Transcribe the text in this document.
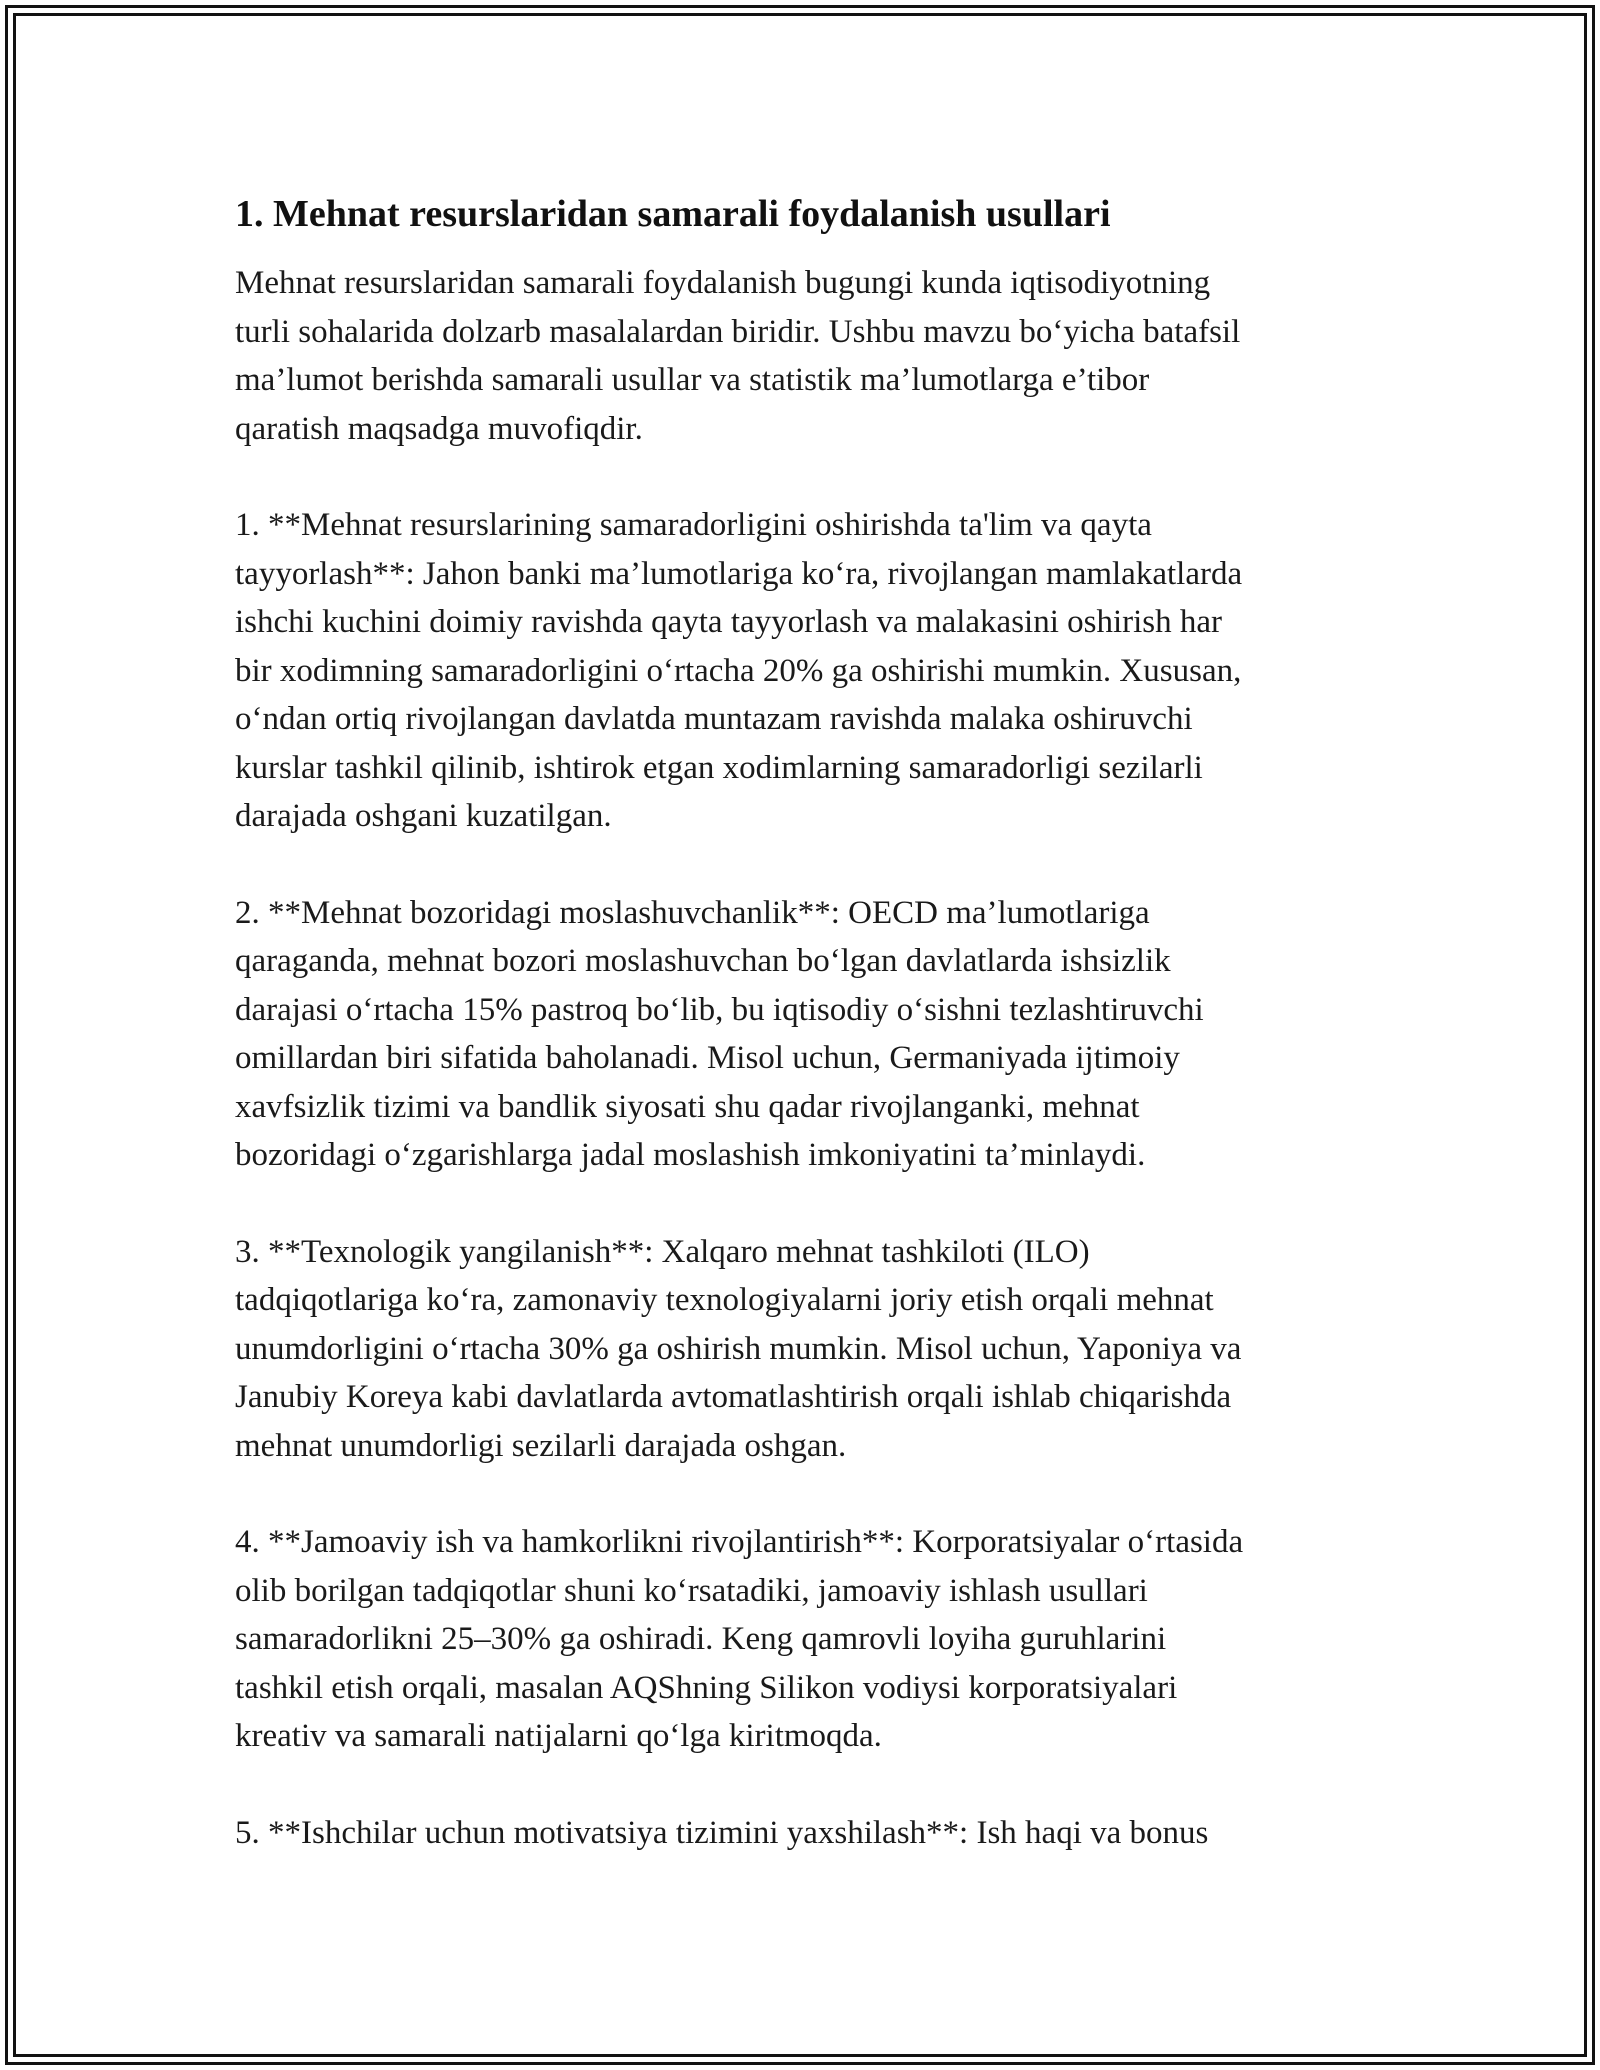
1. Mehnat resurslaridan samarali foydalanish usullari

Mehnat resurslaridan samarali foydalanish bugungi kunda iqtisodiyotning
turli sohalarida dolzarb masalalardan biridir. Ushbu mavzu bo‘yicha batafsil
ma’lumot berishda samarali usullar va statistik ma’lumotlarga e’tibor
qaratish maqsadga muvofiqdir.

1. **Mehnat resurslarining samaradorligini oshirishda ta'lim va qayta
tayyorlash**: Jahon banki ma’lumotlariga ko‘ra, rivojlangan mamlakatlarda
ishchi kuchini doimiy ravishda qayta tayyorlash va malakasini oshirish har
bir xodimning samaradorligini o‘rtacha 20% ga oshirishi mumkin. Xususan,
o‘ndan ortiq rivojlangan davlatda muntazam ravishda malaka oshiruvchi
kurslar tashkil qilinib, ishtirok etgan xodimlarning samaradorligi sezilarli
darajada oshgani kuzatilgan.

2. **Mehnat bozoridagi moslashuvchanlik**: OECD ma’lumotlariga
qaraganda, mehnat bozori moslashuvchan bo‘lgan davlatlarda ishsizlik
darajasi o‘rtacha 15% pastroq bo‘lib, bu iqtisodiy o‘sishni tezlashtiruvchi
omillardan biri sifatida baholanadi. Misol uchun, Germaniyada ijtimoiy
xavfsizlik tizimi va bandlik siyosati shu qadar rivojlanganki, mehnat
bozoridagi o‘zgarishlarga jadal moslashish imkoniyatini ta’minlaydi.

3. **Texnologik yangilanish**: Xalqaro mehnat tashkiloti (ILO)
tadqiqotlariga ko‘ra, zamonaviy texnologiyalarni joriy etish orqali mehnat
unumdorligini o‘rtacha 30% ga oshirish mumkin. Misol uchun, Yaponiya va
Janubiy Koreya kabi davlatlarda avtomatlashtirish orqali ishlab chiqarishda
mehnat unumdorligi sezilarli darajada oshgan.

4. **Jamoaviy ish va hamkorlikni rivojlantirish**: Korporatsiyalar o‘rtasida
olib borilgan tadqiqotlar shuni ko‘rsatadiki, jamoaviy ishlash usullari
samaradorlikni 25–30% ga oshiradi. Keng qamrovli loyiha guruhlarini
tashkil etish orqali, masalan AQShning Silikon vodiysi korporatsiyalari
kreativ va samarali natijalarni qo‘lga kiritmoqda.

5. **Ishchilar uchun motivatsiya tizimini yaxshilash**: Ish haqi va bonus
